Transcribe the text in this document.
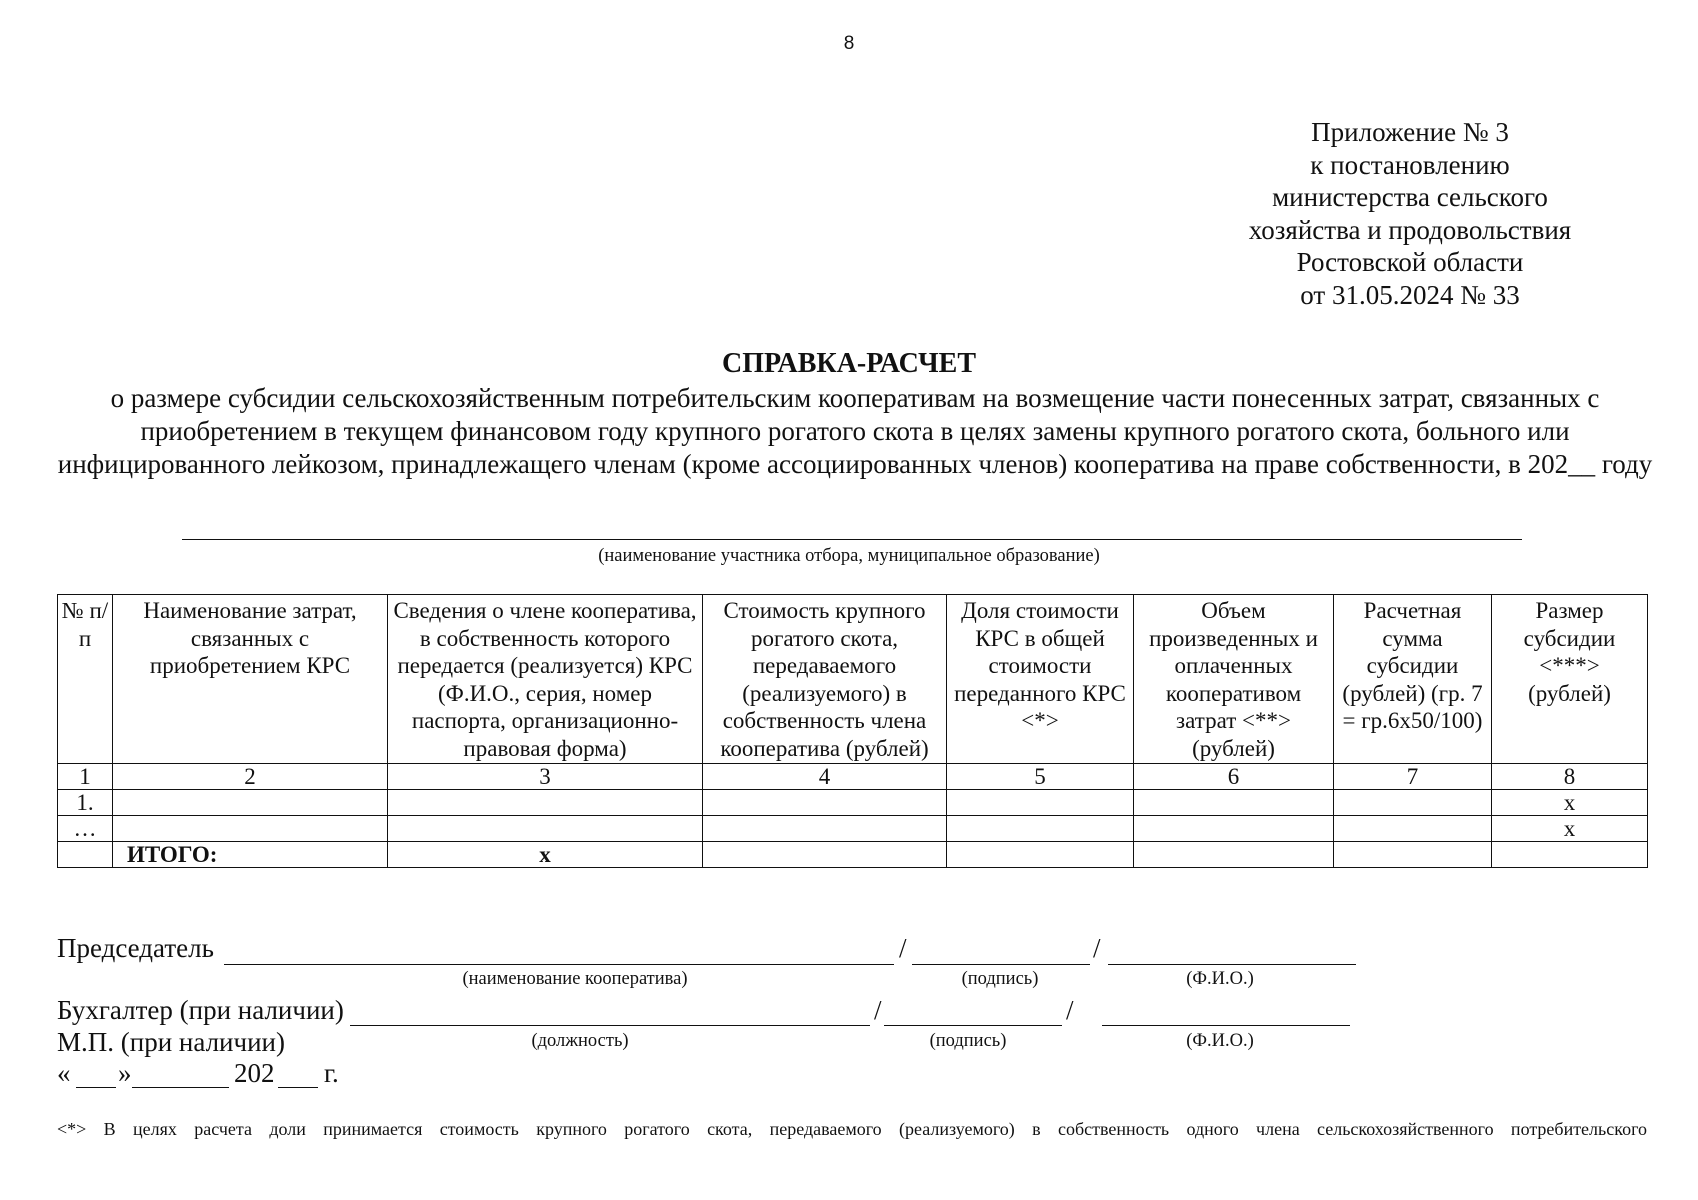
8
Приложение № 3
к постановлению
министерства сельского
хозяйства и продовольствия
Ростовской области
от 31.05.2024 № 33
СПРАВКА-РАСЧЕТ
о размере субсидии сельскохозяйственным потребительским кооперативам на возмещение части понесенных затрат, связанных с приобретением в текущем финансовом году крупного рогатого скота в целях замены крупного рогатого скота, больного или инфицированного лейкозом, принадлежащего членам (кроме ассоциированных членов) кооператива на праве собственности, в 202__ году
(наименование участника отбора, муниципальное образование)
№ п/п	Наименование затрат, связанных с приобретением КРС	Сведения о члене кооператива, в собственность которого передается (реализуется) КРС (Ф.И.О., серия, номер паспорта, организационно-правовая форма)	Стоимость крупного рогатого скота, передаваемого (реализуемого) в собственность члена кооператива (рублей)	Доля стоимости КРС в общей стоимости переданного КРС <*>	Объем произведенных и оплаченных кооперативом затрат <**> (рублей)	Расчетная сумма субсидии (рублей) (гр. 7 = гр.6х50/100)	Размер субсидии <***> (рублей)
1	2	3	4	5	6	7	8
1.							х
…							х
	ИТОГО:	х					
Председатель	/	/
(наименование кооператива)	(подпись)	(Ф.И.О.)
Бухгалтер (при наличии)	/	/
М.П. (при наличии)	(должность)	(подпись)	(Ф.И.О.)
« »	202 г.
<*> В целях расчета доли принимается стоимость крупного рогатого скота, передаваемого (реализуемого) в собственность одного члена сельскохозяйственного потребительского
